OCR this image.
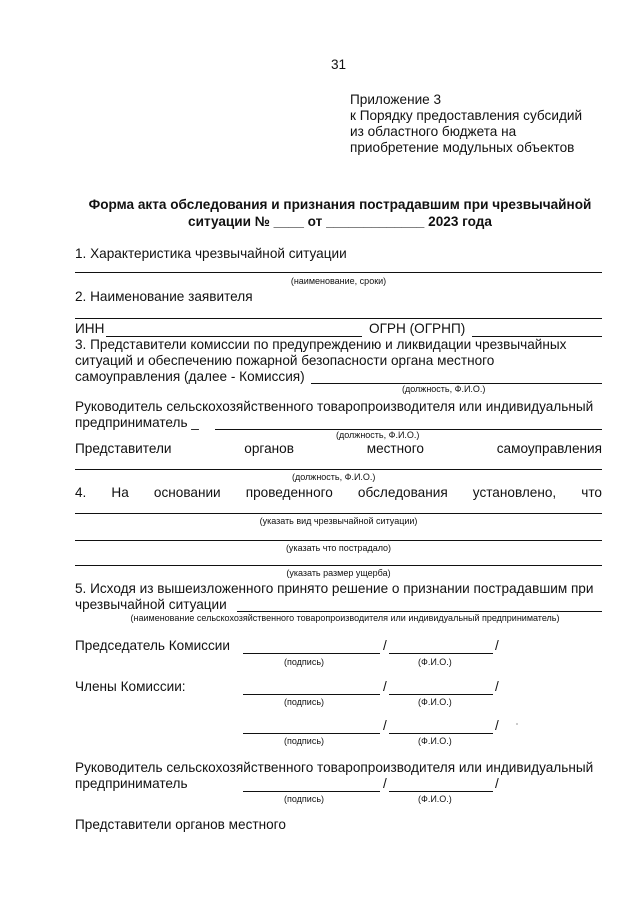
31
Приложение 3
к Порядку предоставления субсидий
из областного бюджета на
приобретение модульных объектов
Форма акта обследования и признания пострадавшим при чрезвычайной
ситуации № ____ от _____________ 2023 года
1. Характеристика чрезвычайной ситуации
(наименование, сроки)
2. Наименование заявителя
ИНН	ОГРН (ОГРНП)
3. Представители комиссии по предупреждению и ликвидации чрезвычайных
ситуаций и обеспечению пожарной безопасности органа местного
самоуправления (далее - Комиссия)
(должность, Ф.И.О.)
Руководитель сельскохозяйственного товаропроизводителя или индивидуальный
предприниматель _
(должность, Ф.И.О.)
Представители органов местного самоуправления
(должность, Ф.И.О.)
4. На основании проведенного обследования установлено, что
(указать вид чрезвычайной ситуации)
(указать что пострадало)
(указать размер ущерба)
5. Исходя из вышеизложенного принято решение о признании пострадавшим при
чрезвычайной ситуации
(наименование сельскохозяйственного товаропроизводителя или индивидуальный предприниматель)
Председатель Комиссии	/	/
(подпись)	(Ф.И.О.)
Члены Комиссии:	/	/
(подпись)	(Ф.И.О.)
/	/
(подпись)	(Ф.И.О.)
Руководитель сельскохозяйственного товаропроизводителя или индивидуальный
предприниматель	/	/
(подпись)	(Ф.И.О.)
Представители органов местного
